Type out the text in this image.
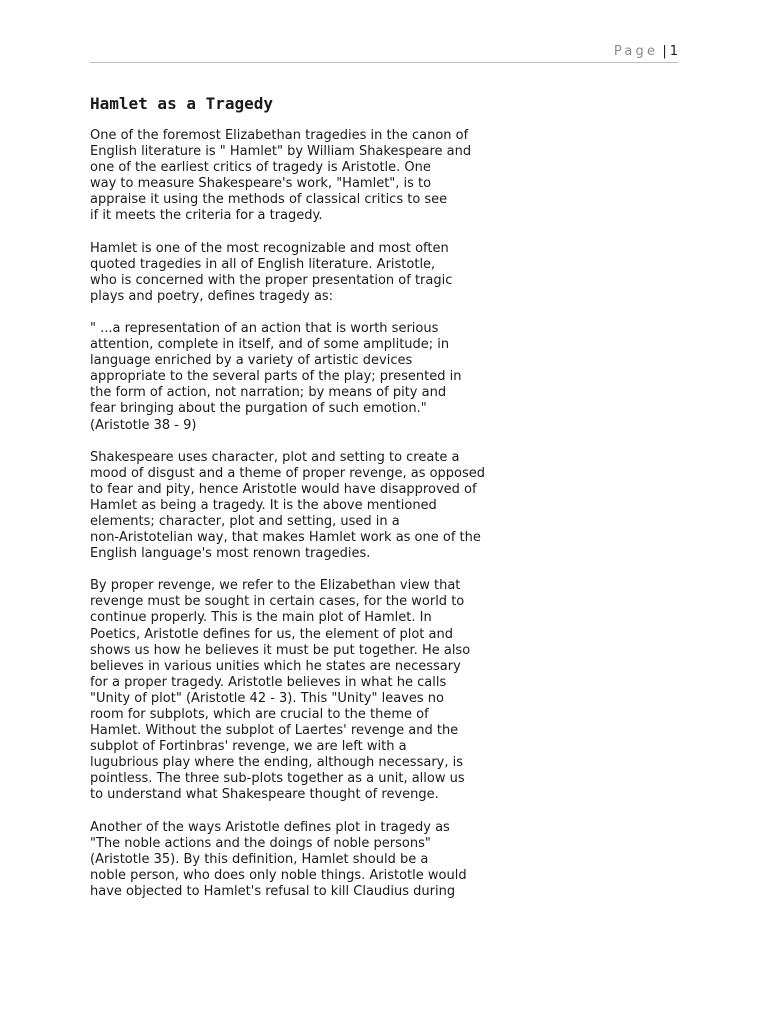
Page | 1
Hamlet as a Tragedy

One of the foremost Elizabethan tragedies in the canon of
English literature is " Hamlet" by William Shakespeare and
one of the earliest critics of tragedy is Aristotle. One
way to measure Shakespeare's work, "Hamlet", is to
appraise it using the methods of classical critics to see
if it meets the criteria for a tragedy.

Hamlet is one of the most recognizable and most often
quoted tragedies in all of English literature. Aristotle,
who is concerned with the proper presentation of tragic
plays and poetry, defines tragedy as:

" ...a representation of an action that is worth serious
attention, complete in itself, and of some amplitude; in
language enriched by a variety of artistic devices
appropriate to the several parts of the play; presented in
the form of action, not narration; by means of pity and
fear bringing about the purgation of such emotion."
(Aristotle 38 - 9)

Shakespeare uses character, plot and setting to create a
mood of disgust and a theme of proper revenge, as opposed
to fear and pity, hence Aristotle would have disapproved of
Hamlet as being a tragedy. It is the above mentioned
elements; character, plot and setting, used in a
non-Aristotelian way, that makes Hamlet work as one of the
English language's most renown tragedies.

By proper revenge, we refer to the Elizabethan view that
revenge must be sought in certain cases, for the world to
continue properly. This is the main plot of Hamlet. In
Poetics, Aristotle defines for us, the element of plot and
shows us how he believes it must be put together. He also
believes in various unities which he states are necessary
for a proper tragedy. Aristotle believes in what he calls
"Unity of plot" (Aristotle 42 - 3). This "Unity" leaves no
room for subplots, which are crucial to the theme of
Hamlet. Without the subplot of Laertes' revenge and the
subplot of Fortinbras' revenge, we are left with a
lugubrious play where the ending, although necessary, is
pointless. The three sub-plots together as a unit, allow us
to understand what Shakespeare thought of revenge.

Another of the ways Aristotle defines plot in tragedy as
"The noble actions and the doings of noble persons"
(Aristotle 35). By this definition, Hamlet should be a
noble person, who does only noble things. Aristotle would
have objected to Hamlet's refusal to kill Claudius during
